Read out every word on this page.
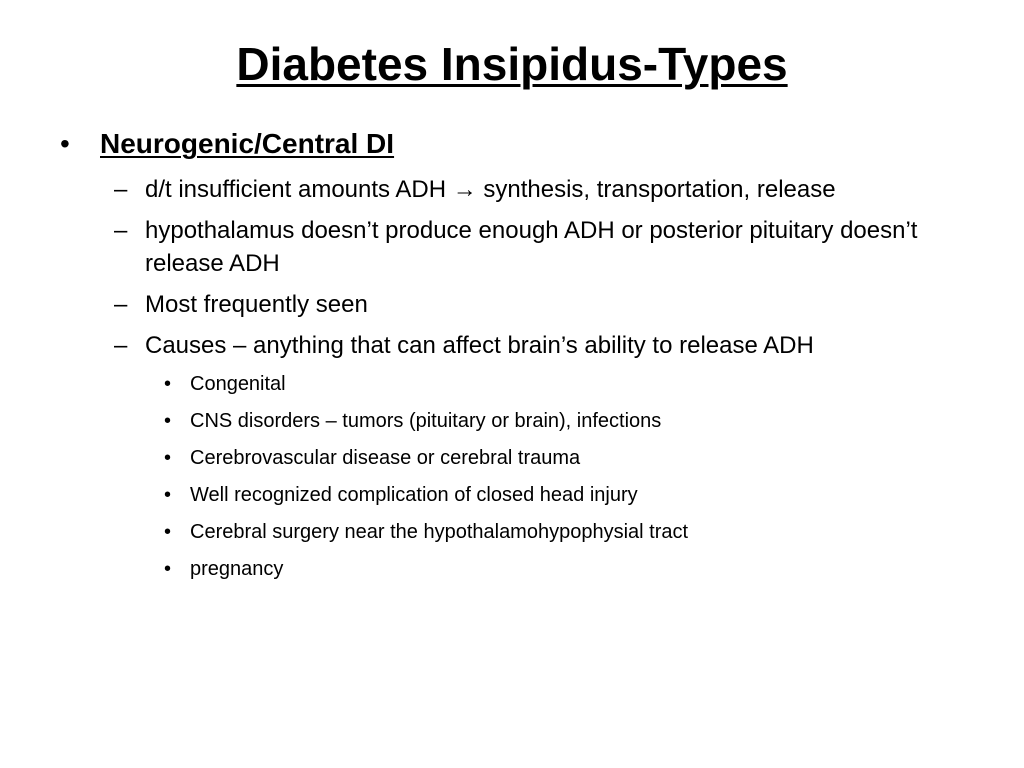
Diabetes Insipidus-Types
•	Neurogenic/Central DI
– d/t insufficient amounts ADH → synthesis, transportation, release
– hypothalamus doesn’t produce enough ADH or posterior pituitary doesn’t release ADH
– Most frequently seen
– Causes – anything that can affect brain’s ability to release ADH
• Congenital
• CNS disorders – tumors (pituitary or brain), infections
• Cerebrovascular disease or cerebral trauma
• Well recognized complication of closed head injury
• Cerebral surgery near the hypothalamohypophysial tract
• pregnancy
